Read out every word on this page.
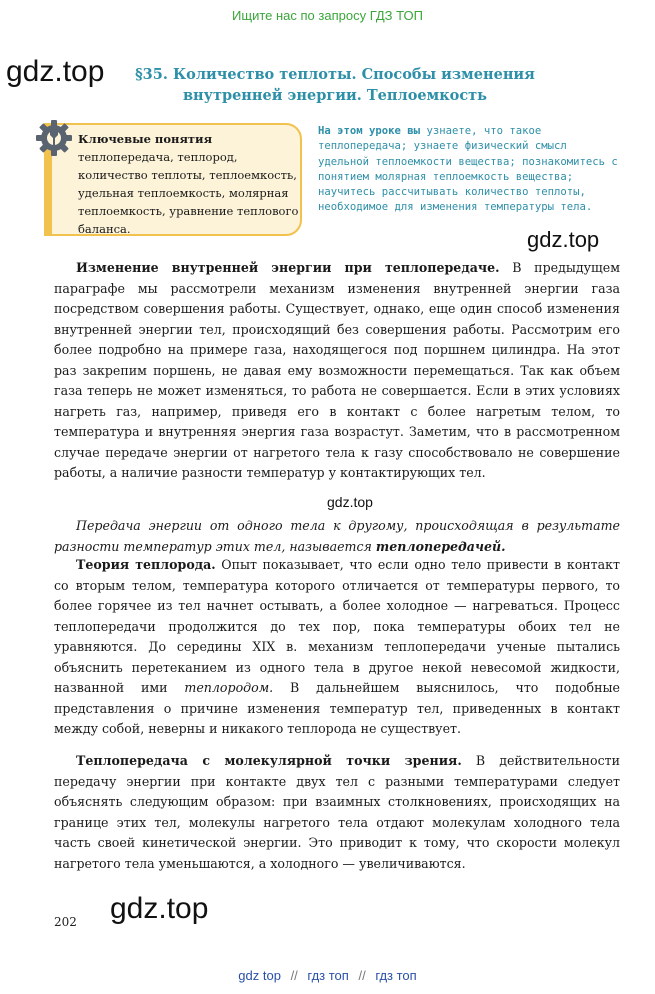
Ищите нас по запросу ГДЗ ТОП
gdz.top
gdz.top
gdz.top
gdz.top
§35. Количество теплоты. Способы изменения
внутренней энергии. Теплоемкость
Ключевые понятия теплопередача, теплород, количество теплоты, теплоемкость, удельная теплоемкость, молярная теплоемкость, уравнение теплового баланса.
На этом уроке вы узнаете, что такое теплопередача; узнаете физический смысл удельной теплоемкости вещества; познакомитесь с понятием молярная теплоемкость вещества; научитесь рассчитывать количество теплоты, необходимое для изменения температуры тела.
Изменение внутренней энергии при теплопередаче. В предыдущем параграфе мы рассмотрели механизм изменения внутренней энергии газа посредством совершения работы. Существует, однако, еще один способ изменения внутренней энергии тел, происходящий без совершения работы. Рассмотрим его более подробно на примере газа, находящегося под поршнем цилиндра. На этот раз закрепим поршень, не давая ему возможности перемещаться. Так как объем газа теперь не может изменяться, то работа не совершается. Если в этих условиях нагреть газ, например, приведя его в контакт с более нагретым телом, то температура и внутренняя энергия газа возрастут. Заметим, что в рассмотренном случае передаче энергии от нагретого тела к газу способствовало не совершение работы, а наличие разности температур у контактирующих тел.
Передача энергии от одного тела к другому, происходящая в результате разности температур этих тел, называется теплопередачей.
Теория теплорода. Опыт показывает, что если одно тело привести в контакт со вторым телом, температура которого отличается от температуры первого, то более горячее из тел начнет остывать, а более холодное — нагреваться. Процесс теплопередачи продолжится до тех пор, пока температуры обоих тел не уравняются. До середины XIX в. механизм теплопередачи ученые пытались объяснить перетеканием из одного тела в другое некой невесомой жидкости, названной ими теплородом. В дальнейшем выяснилось, что подобные представления о причине изменения температур тел, приведенных в контакт между собой, неверны и никакого теплорода не существует.
Теплопередача с молекулярной точки зрения. В действительности передачу энергии при контакте двух тел с разными температурами следует объяснять следующим образом: при взаимных столкновениях, происходящих на границе этих тел, молекулы нагретого тела отдают молекулам холодного тела часть своей кинетической энергии. Это приводит к тому, что скорости молекул нагретого тела уменьшаются, а холодного — увеличиваются.
202
gdz top // гдз топ // гдз топ
